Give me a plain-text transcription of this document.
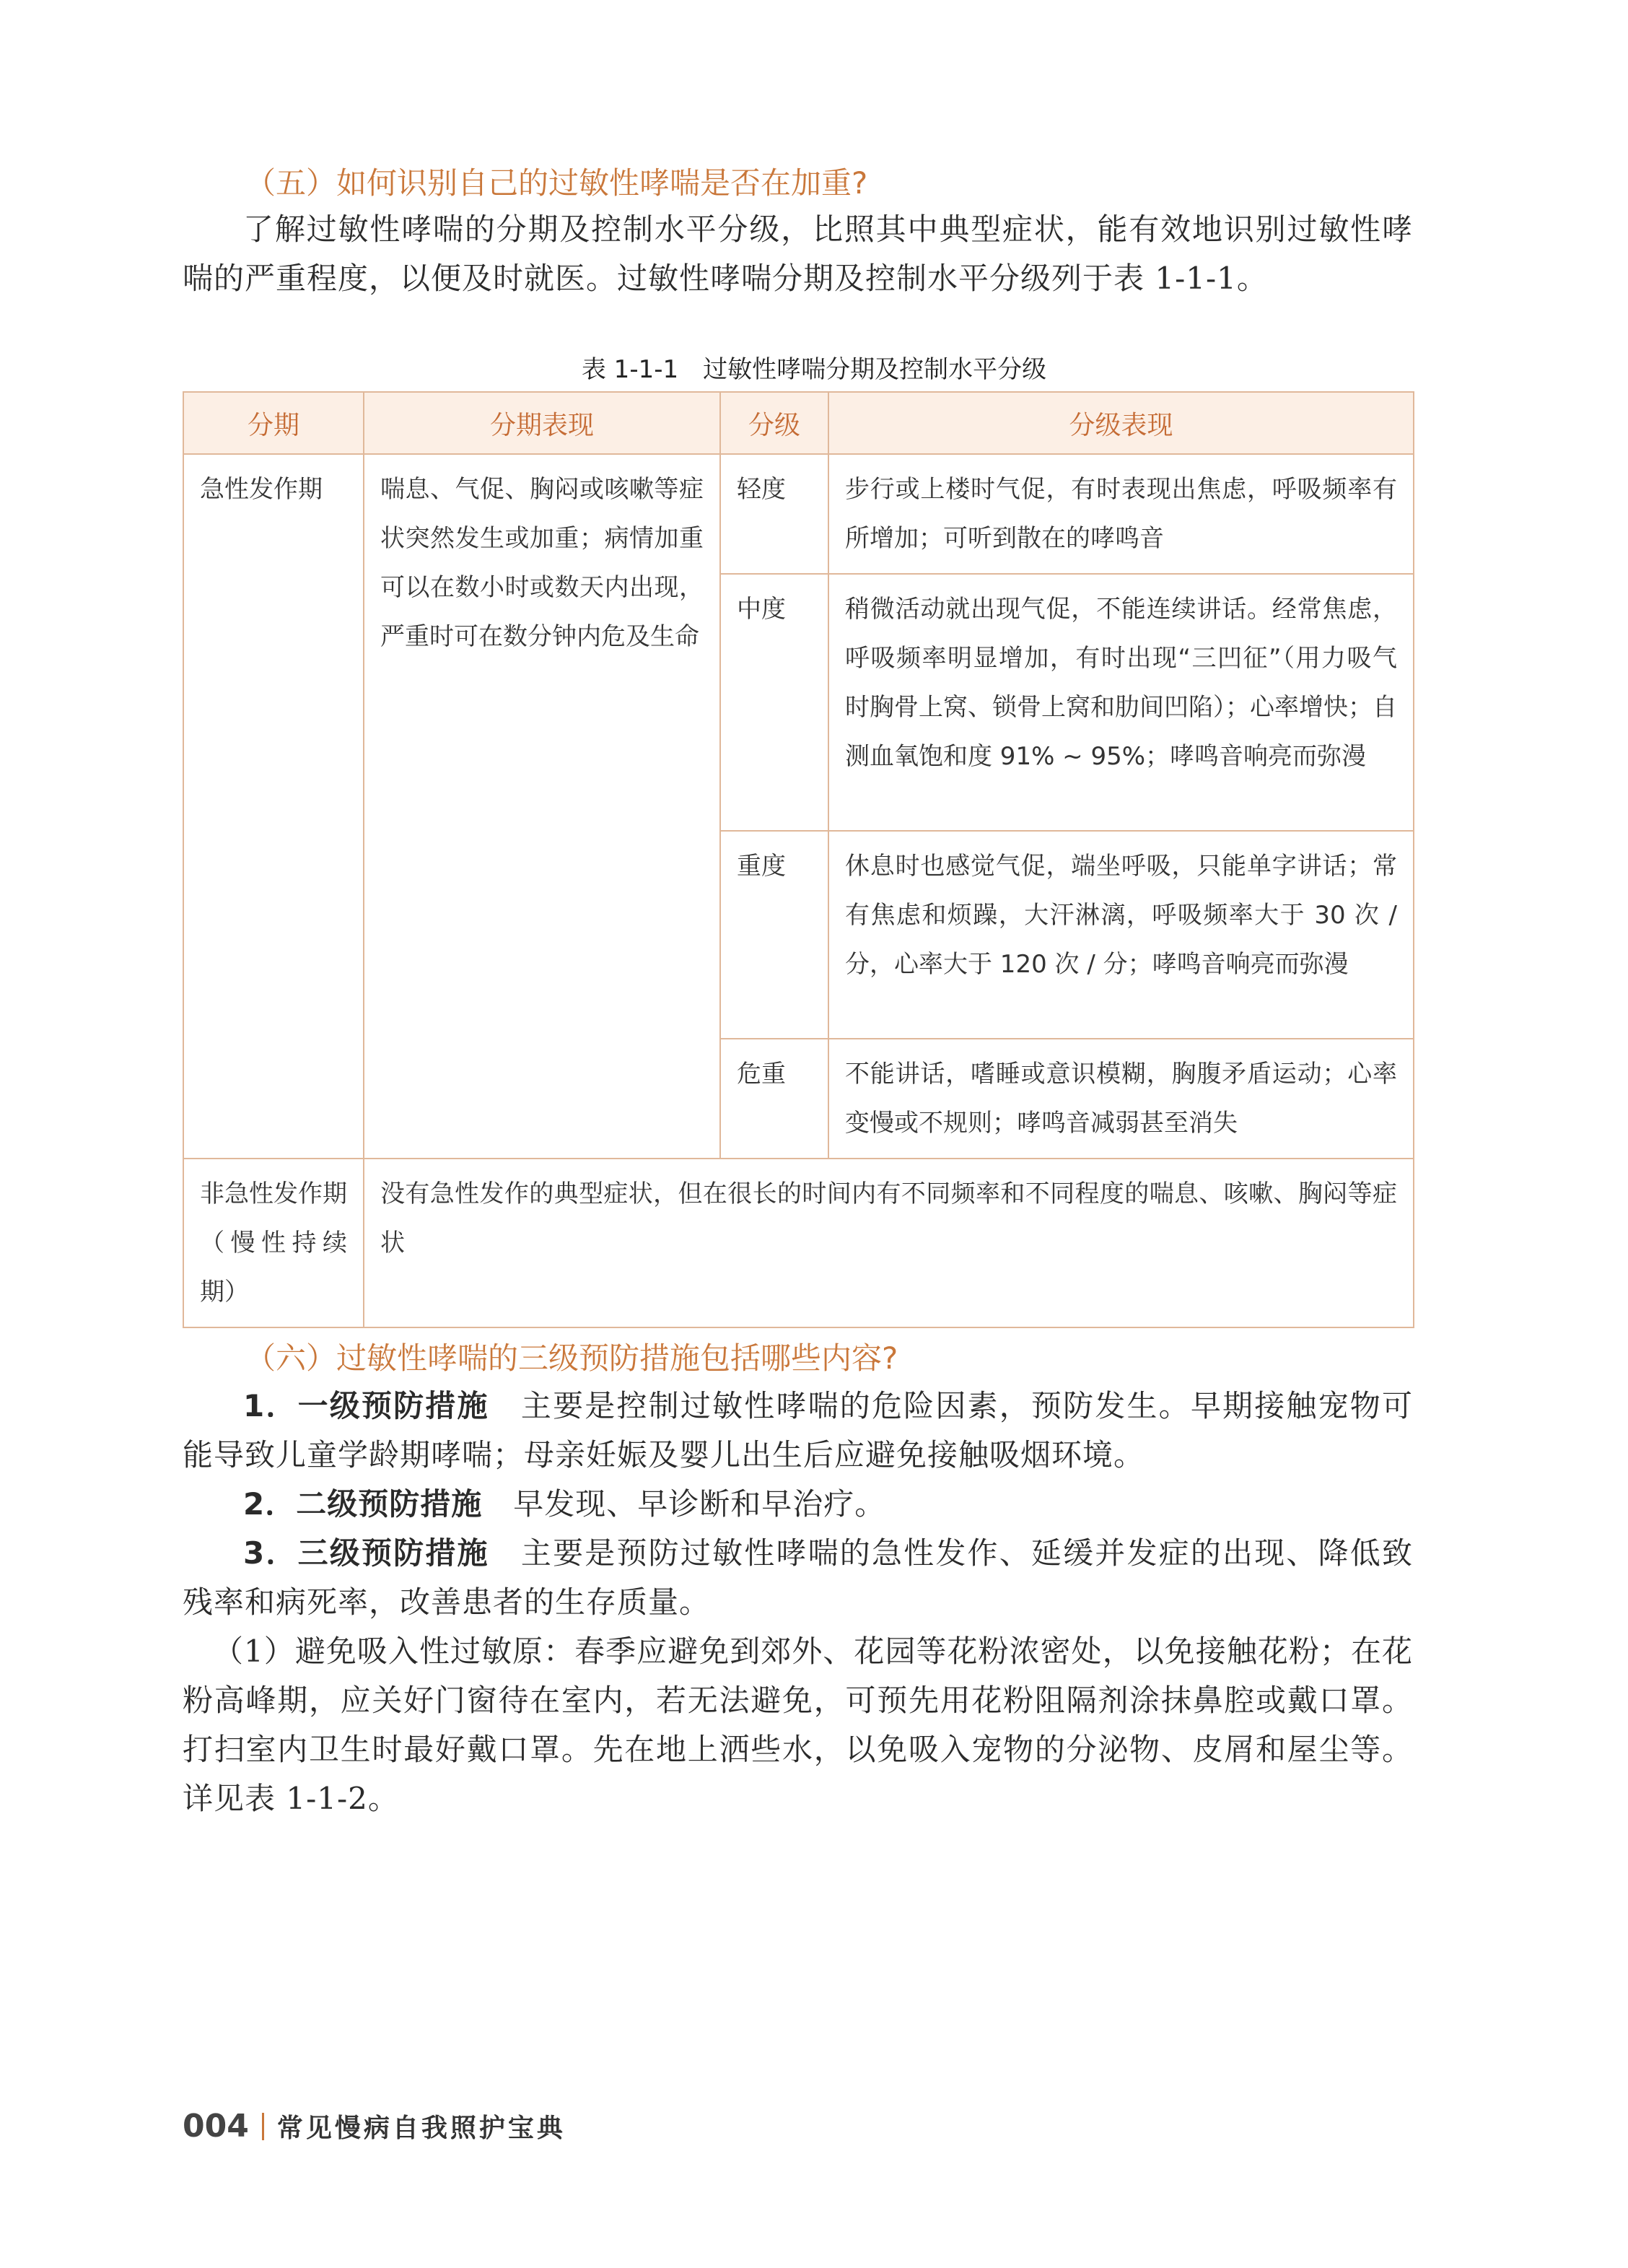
（五）如何识别自己的过敏性哮喘是否在加重?
了解过敏性哮喘的分期及控制水平分级，比照其中典型症状，能有效地识别过敏性哮喘的严重程度，以便及时就医。过敏性哮喘分期及控制水平分级列于表 1-1-1。
表 1-1-1　过敏性哮喘分期及控制水平分级
分期	分期表现	分级	分级表现
急性发作期	喘息、气促、胸闷或咳嗽等症状突然发生或加重；病情加重可以在数小时或数天内出现，严重时可在数分钟内危及生命	轻度	步行或上楼时气促，有时表现出焦虑，呼吸频率有所增加；可听到散在的哮鸣音
		中度	稍微活动就出现气促，不能连续讲话。经常焦虑，呼吸频率明显增加，有时出现“三凹征”（用力吸气时胸骨上窝、锁骨上窝和肋间凹陷）；心率增快；自测血氧饱和度 91% ~ 95%；哮鸣音响亮而弥漫
		重度	休息时也感觉气促，端坐呼吸，只能单字讲话；常有焦虑和烦躁，大汗淋漓，呼吸频率大于 30 次 / 分，心率大于 120 次 / 分；哮鸣音响亮而弥漫
		危重	不能讲话，嗜睡或意识模糊，胸腹矛盾运动；心率变慢或不规则；哮鸣音减弱甚至消失
非急性发作期（慢性持续期）	没有急性发作的典型症状，但在很长的时间内有不同频率和不同程度的喘息、咳嗽、胸闷等症状		
（六）过敏性哮喘的三级预防措施包括哪些内容?
1．一级预防措施　主要是控制过敏性哮喘的危险因素，预防发生。早期接触宠物可能导致儿童学龄期哮喘；母亲妊娠及婴儿出生后应避免接触吸烟环境。
2．二级预防措施　早发现、早诊断和早治疗。
3．三级预防措施　主要是预防过敏性哮喘的急性发作、延缓并发症的出现、降低致残率和病死率，改善患者的生存质量。
（1）避免吸入性过敏原：春季应避免到郊外、花园等花粉浓密处，以免接触花粉；在花粉高峰期，应关好门窗待在室内，若无法避免，可预先用花粉阻隔剂涂抹鼻腔或戴口罩。打扫室内卫生时最好戴口罩。先在地上洒些水，以免吸入宠物的分泌物、皮屑和屋尘等。详见表 1-1-2。
004 常见慢病自我照护宝典
